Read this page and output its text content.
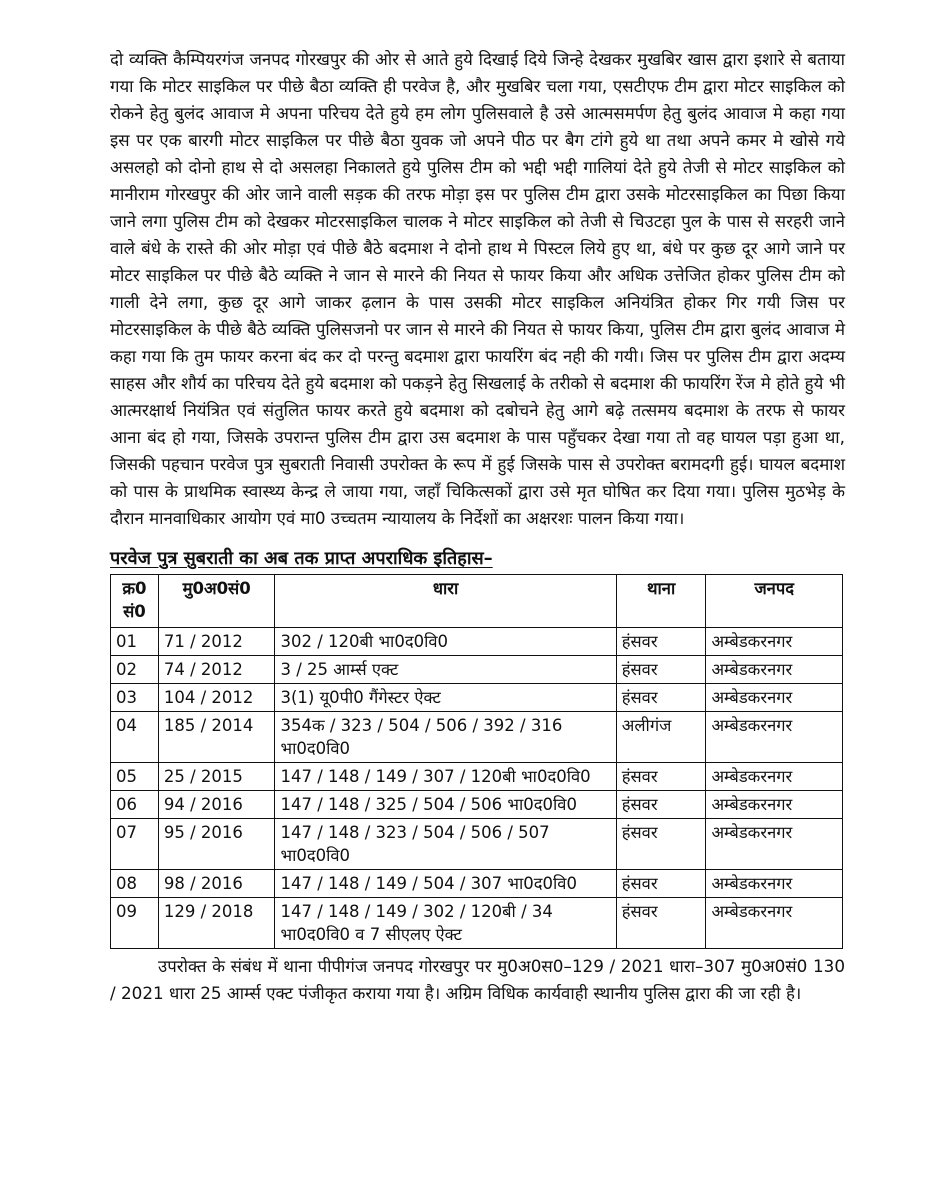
दो व्यक्ति कैम्पियरगंज जनपद गोरखपुर की ओर से आते हुये दिखाई दिये जिन्हे देखकर मुखबिर खास द्वारा इशारे से बताया गया कि मोटर साइकिल पर पीछे बैठा व्यक्ति ही परवेज है, और मुखबिर चला गया, एसटीएफ टीम द्वारा मोटर साइकिल को रोकने हेतु बुलंद आवाज मे अपना परिचय देते हुये हम लोग पुलिसवाले है उसे आत्मसमर्पण हेतु बुलंद आवाज मे कहा गया इस पर एक बारगी मोटर साइकिल पर पीछे बैठा युवक जो अपने पीठ पर बैग टांगे हुये था तथा अपने कमर मे खोसे गये असलहो को दोनो हाथ से दो असलहा निकालते हुये पुलिस टीम को भद्दी भद्दी गालियां देते हुये तेजी से मोटर साइकिल को मानीराम गोरखपुर की ओर जाने वाली सड़क की तरफ मोड़ा इस पर पुलिस टीम द्वारा उसके मोटरसाइकिल का पिछा किया जाने लगा पुलिस टीम को देखकर मोटरसाइकिल चालक ने मोटर साइकिल को तेजी से चिउटहा पुल के पास से सरहरी जाने वाले बंधे के रास्ते की ओर मोड़ा एवं पीछे बैठे बदमाश ने दोनो हाथ मे पिस्टल लिये हुए था, बंधे पर कुछ दूर आगे जाने पर मोटर साइकिल पर पीछे बैठे व्यक्ति ने जान से मारने की नियत से फायर किया और अधिक उत्तेजित होकर पुलिस टीम को गाली देने लगा, कुछ दूर आगे जाकर ढ़लान के पास उसकी मोटर साइकिल अनियंत्रित होकर गिर गयी जिस पर मोटरसाइकिल के पीछे बैठे व्यक्ति पुलिसजनो पर जान से मारने की नियत से फायर किया, पुलिस टीम द्वारा बुलंद आवाज मे कहा गया कि तुम फायर करना बंद कर दो परन्तु बदमाश द्वारा फायरिंग बंद नही की गयी। जिस पर पुलिस टीम द्वारा अदम्य साहस और शौर्य का परिचय देते हुये बदमाश को पकड़ने हेतु सिखलाई के तरीको से बदमाश की फायरिंग रेंज मे होते हुये भी आत्मरक्षार्थ नियंत्रित एवं संतुलित फायर करते हुये बदमाश को दबोचने हेतु आगे बढ़े तत्समय बदमाश के तरफ से फायर आना बंद हो गया, जिसके उपरान्त पुलिस टीम द्वारा उस बदमाश के पास पहुँचकर देखा गया तो वह घायल पड़ा हुआ था, जिसकी पहचान परवेज पुत्र सुबराती निवासी उपरोक्त के रूप में हुई जिसके पास से उपरोक्त बरामदगी हुई। घायल बदमाश को पास के प्राथमिक स्वास्थ्य केन्द्र ले जाया गया, जहॉं चिकित्सकों द्वारा उसे मृत घोषित कर दिया गया। पुलिस मुठभेड़ के दौरान मानवाधिकार आयोग एवं मा0 उच्चतम न्यायालय के निर्देशों का अक्षरशः पालन किया गया।

परवेज पुत्र सुबराती का अब तक प्राप्त अपराधिक इतिहास–
क्र0 सं0	मु0अ0सं0	धारा	थाना	जनपद
01	71 / 2012	302 / 120बी भा0द0वि0	हंसवर	अम्बेडकरनगर
02	74 / 2012	3 / 25 आर्म्स एक्ट	हंसवर	अम्बेडकरनगर
03	104 / 2012	3(1) यू0पी0 गैंगेस्टर ऐक्ट	हंसवर	अम्बेडकरनगर
04	185 / 2014	354क / 323 / 504 / 506 / 392 / 316 भा0द0वि0	अलीगंज	अम्बेडकरनगर
05	25 / 2015	147 / 148 / 149 / 307 / 120बी भा0द0वि0	हंसवर	अम्बेडकरनगर
06	94 / 2016	147 / 148 / 325 / 504 / 506 भा0द0वि0	हंसवर	अम्बेडकरनगर
07	95 / 2016	147 / 148 / 323 / 504 / 506 / 507 भा0द0वि0	हंसवर	अम्बेडकरनगर
08	98 / 2016	147 / 148 / 149 / 504 / 307 भा0द0वि0	हंसवर	अम्बेडकरनगर
09	129 / 2018	147 / 148 / 149 / 302 / 120बी / 34 भा0द0वि0 व 7 सीएलए ऐक्ट	हंसवर	अम्बेडकरनगर

उपरोक्त के संबंध में थाना पीपीगंज जनपद गोरखपुर पर मु0अ0स0–129 / 2021 धारा–307 मु0अ0सं0 130 / 2021 धारा 25 आर्म्स एक्ट पंजीकृत कराया गया है। अग्रिम विधिक कार्यवाही स्थानीय पुलिस द्वारा की जा रही है।
